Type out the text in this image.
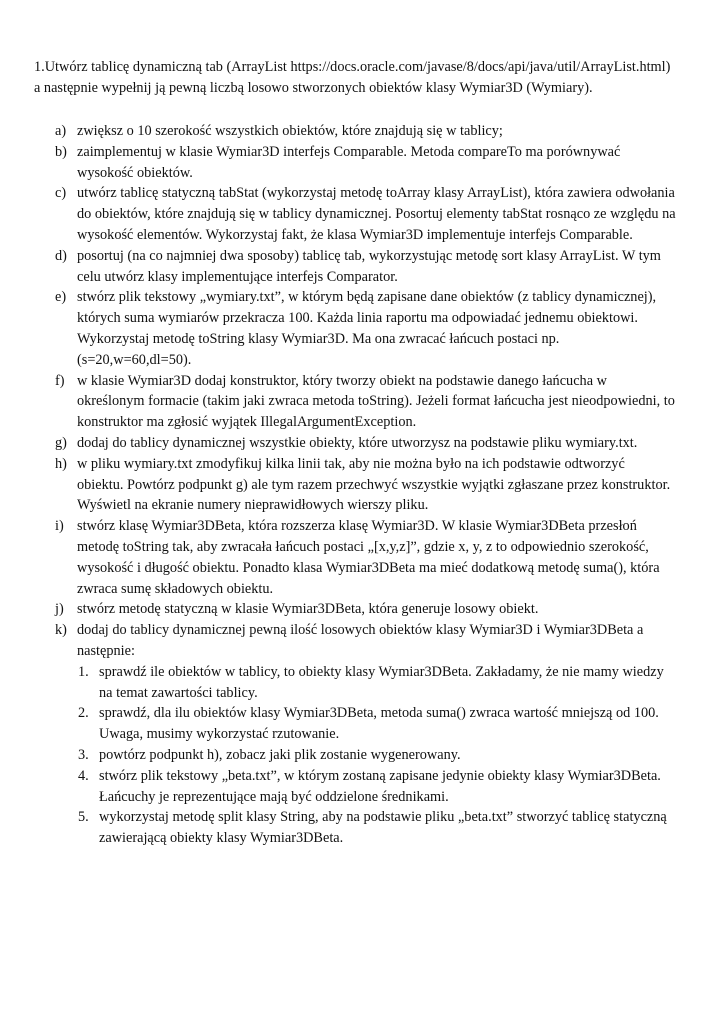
1.Utwórz tablicę dynamiczną tab (ArrayList https://docs.oracle.com/javase/8/docs/api/java/util/ArrayList.html)
a następnie wypełnij ją pewną liczbą losowo stworzonych obiektów klasy Wymiar3D (Wymiary).
a) zwiększ o 10 szerokość wszystkich obiektów, które znajdują się w tablicy;
b) zaimplementuj w klasie Wymiar3D interfejs Comparable. Metoda compareTo ma porównywać
wysokość obiektów.
c) utwórz tablicę statyczną tabStat (wykorzystaj metodę toArray klasy ArrayList), która zawiera odwołania
do obiektów, które znajdują się w tablicy dynamicznej. Posortuj elementy tabStat rosnąco ze względu na
wysokość elementów. Wykorzystaj fakt, że klasa Wymiar3D implementuje interfejs Comparable.
d) posortuj (na co najmniej dwa sposoby) tablicę tab, wykorzystując metodę sort klasy ArrayList. W tym
celu utwórz klasy implementujące interfejs Comparator.
e) stwórz plik tekstowy „wymiary.txt”, w którym będą zapisane dane obiektów (z tablicy dynamicznej),
których suma wymiarów przekracza 100. Każda linia raportu ma odpowiadać jednemu obiektowi.
Wykorzystaj metodę toString klasy Wymiar3D. Ma ona zwracać łańcuch postaci np.
(s=20,w=60,dl=50).
f) w klasie Wymiar3D dodaj konstruktor, który tworzy obiekt na podstawie danego łańcucha w
określonym formacie (takim jaki zwraca metoda toString). Jeżeli format łańcucha jest nieodpowiedni, to
konstruktor ma zgłosić wyjątek IllegalArgumentException.
g) dodaj do tablicy dynamicznej wszystkie obiekty, które utworzysz na podstawie pliku wymiary.txt.
h) w pliku wymiary.txt zmodyfikuj kilka linii tak, aby nie można było na ich podstawie odtworzyć
obiektu. Powtórz podpunkt g) ale tym razem przechwyć wszystkie wyjątki zgłaszane przez konstruktor.
Wyświetl na ekranie numery nieprawidłowych wierszy pliku.
i) stwórz klasę Wymiar3DBeta, która rozszerza klasę Wymiar3D. W klasie Wymiar3DBeta przesłoń
metodę toString tak, aby zwracała łańcuch postaci „[x,y,z]”, gdzie x, y, z to odpowiednio szerokość,
wysokość i długość obiektu. Ponadto klasa Wymiar3DBeta ma mieć dodatkową metodę suma(), która
zwraca sumę składowych obiektu.
j) stwórz metodę statyczną w klasie Wymiar3DBeta, która generuje losowy obiekt.
k) dodaj do tablicy dynamicznej pewną ilość losowych obiektów klasy Wymiar3D i Wymiar3DBeta a
następnie:
1. sprawdź ile obiektów w tablicy, to obiekty klasy Wymiar3DBeta. Zakładamy, że nie mamy wiedzy
na temat zawartości tablicy.
2. sprawdź, dla ilu obiektów klasy Wymiar3DBeta, metoda suma() zwraca wartość mniejszą od 100.
Uwaga, musimy wykorzystać rzutowanie.
3. powtórz podpunkt h), zobacz jaki plik zostanie wygenerowany.
4. stwórz plik tekstowy „beta.txt”, w którym zostaną zapisane jedynie obiekty klasy Wymiar3DBeta.
Łańcuchy je reprezentujące mają być oddzielone średnikami.
5. wykorzystaj metodę split klasy String, aby na podstawie pliku „beta.txt” stworzyć tablicę statyczną
zawierającą obiekty klasy Wymiar3DBeta.
